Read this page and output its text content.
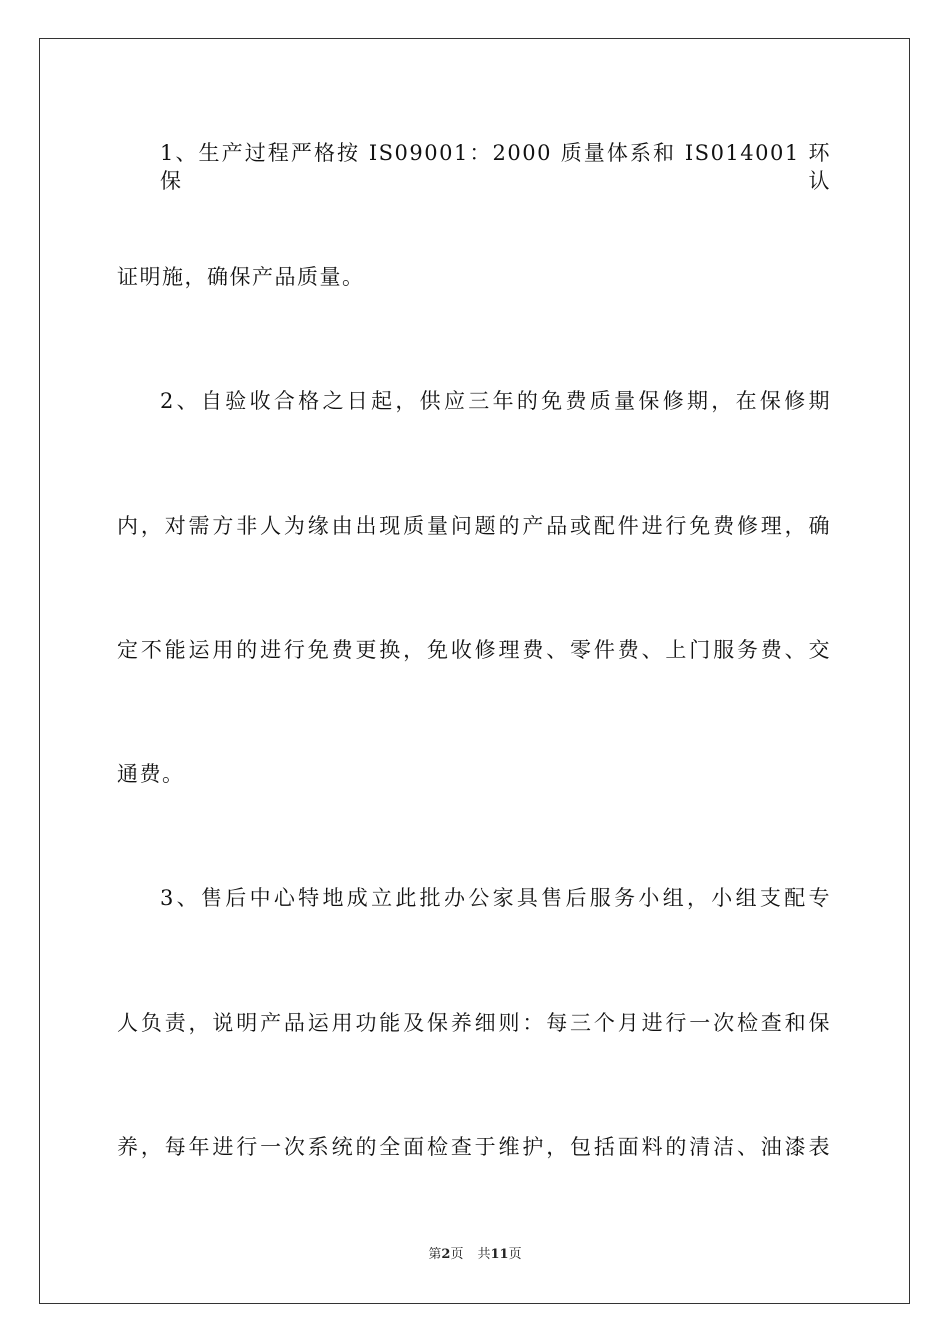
1、生产过程严格按 IS09001：2000 质量体系和 IS014001 环保认
证明施，确保产品质量。
2、自验收合格之日起，供应三年的免费质量保修期，在保修期
内，对需方非人为缘由出现质量问题的产品或配件进行免费修理，确
定不能运用的进行免费更换，免收修理费、零件费、上门服务费、交
通费。
3、售后中心特地成立此批办公家具售后服务小组，小组支配专
人负责，说明产品运用功能及保养细则：每三个月进行一次检查和保
养，每年进行一次系统的全面检查于维护，包括面料的清洁、油漆表
第2页 共11页
